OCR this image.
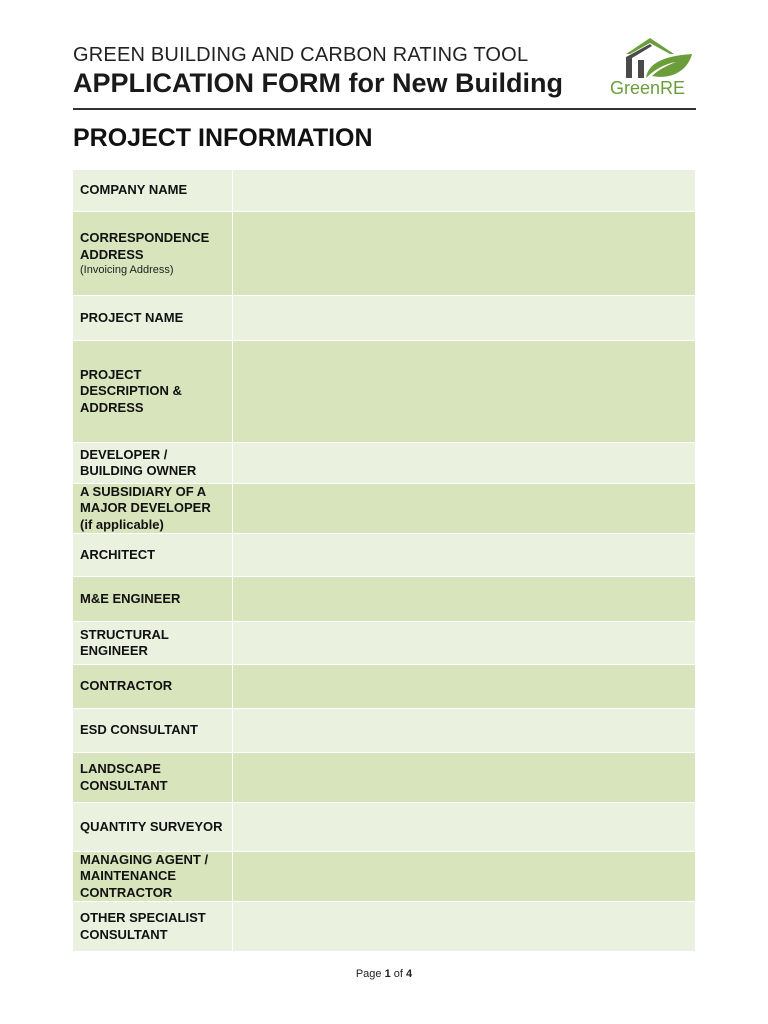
GREEN BUILDING AND CARBON RATING TOOL
APPLICATION FORM for New Building	GreenRE
PROJECT INFORMATION
COMPANY NAME
CORRESPONDENCE ADDRESS
(Invoicing Address)
PROJECT NAME
PROJECT DESCRIPTION & ADDRESS
DEVELOPER / BUILDING OWNER
A SUBSIDIARY OF A MAJOR DEVELOPER (if applicable)
ARCHITECT
M&E ENGINEER
STRUCTURAL ENGINEER
CONTRACTOR
ESD CONSULTANT
LANDSCAPE CONSULTANT
QUANTITY SURVEYOR
MANAGING AGENT / MAINTENANCE CONTRACTOR
OTHER SPECIALIST CONSULTANT
Page 1 of 4
